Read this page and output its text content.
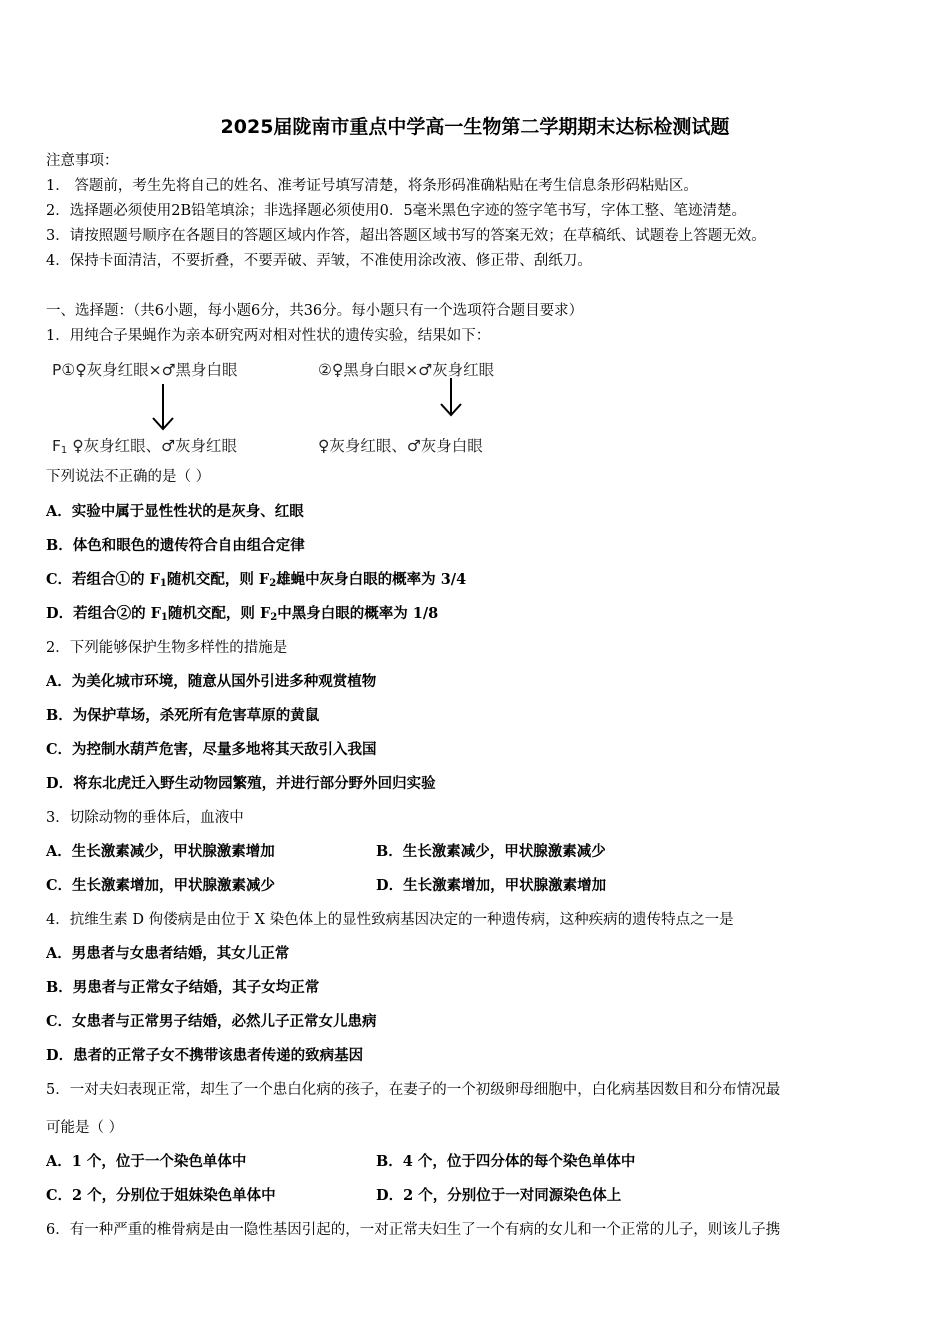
2025届陇南市重点中学高一生物第二学期期末达标检测试题
注意事项：
1． 答题前，考生先将自己的姓名、准考证号填写清楚，将条形码准确粘贴在考生信息条形码粘贴区。
2．选择题必须使用2B铅笔填涂；非选择题必须使用0．5毫米黑色字迹的签字笔书写，字体工整、笔迹清楚。
3．请按照题号顺序在各题目的答题区域内作答，超出答题区域书写的答案无效；在草稿纸、试题卷上答题无效。
4．保持卡面清洁，不要折叠，不要弄破、弄皱，不准使用涂改液、修正带、刮纸刀。
一、选择题：（共6小题，每小题6分，共36分。每小题只有一个选项符合题目要求）
1．用纯合子果蝇作为亲本研究两对相对性状的遗传实验，结果如下：
P①♀灰身红眼×♂黑身白眼	②♀黑身白眼×♂灰身红眼
$F_1$ ♀灰身红眼、♂灰身红眼	♀灰身红眼、♂灰身白眼
下列说法不正确的是（ ）
A．实验中属于显性性状的是灰身、红眼
B．体色和眼色的遗传符合自由组合定律
C．若组合①的 $F_1$随机交配，则 $F_2$雄蝇中灰身白眼的概率为 3/4
D．若组合②的 $F_1$随机交配，则 $F_2$中黑身白眼的概率为 1/8
2．下列能够保护生物多样性的措施是
A．为美化城市环境，随意从国外引进多种观赏植物
B．为保护草场，杀死所有危害草原的黄鼠
C．为控制水葫芦危害，尽量多地将其天敌引入我国
D．将东北虎迁入野生动物园繁殖，并进行部分野外回归实验
3．切除动物的垂体后，血液中
A．生长激素减少，甲状腺激素增加	B．生长激素减少，甲状腺激素减少
C．生长激素增加，甲状腺激素减少	D．生长激素增加，甲状腺激素增加
4．抗维生素 D 佝偻病是由位于 X 染色体上的显性致病基因决定的一种遗传病，这种疾病的遗传特点之一是
A．男患者与女患者结婚，其女儿正常
B．男患者与正常女子结婚，其子女均正常
C．女患者与正常男子结婚，必然儿子正常女儿患病
D．患者的正常子女不携带该患者传递的致病基因
5．一对夫妇表现正常，却生了一个患白化病的孩子，在妻子的一个初级卵母细胞中，白化病基因数目和分布情况最
可能是（ ）
A．1 个，位于一个染色单体中	B．4 个，位于四分体的每个染色单体中
C．2 个，分别位于姐妹染色单体中	D．2 个，分别位于一对同源染色体上
6．有一种严重的椎骨病是由一隐性基因引起的，一对正常夫妇生了一个有病的女儿和一个正常的儿子，则该儿子携
